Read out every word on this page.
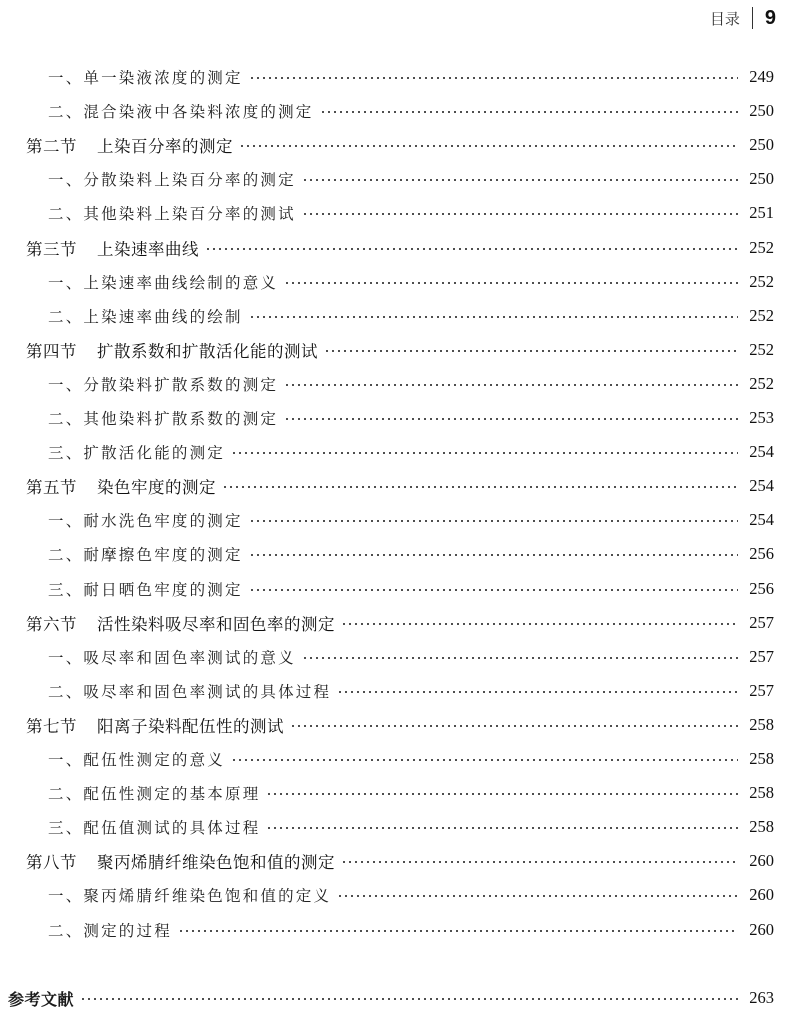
目录	9
一、单一染液浓度的测定	249
二、混合染液中各染料浓度的测定	250
第二节 上染百分率的测定	250
一、分散染料上染百分率的测定	250
二、其他染料上染百分率的测试	251
第三节 上染速率曲线	252
一、上染速率曲线绘制的意义	252
二、上染速率曲线的绘制	252
第四节 扩散系数和扩散活化能的测试	252
一、分散染料扩散系数的测定	252
二、其他染料扩散系数的测定	253
三、扩散活化能的测定	254
第五节 染色牢度的测定	254
一、耐水洗色牢度的测定	254
二、耐摩擦色牢度的测定	256
三、耐日晒色牢度的测定	256
第六节 活性染料吸尽率和固色率的测定	257
一、吸尽率和固色率测试的意义	257
二、吸尽率和固色率测试的具体过程	257
第七节 阳离子染料配伍性的测试	258
一、配伍性测定的意义	258
二、配伍性测定的基本原理	258
三、配伍值测试的具体过程	258
第八节 聚丙烯腈纤维染色饱和值的测定	260
一、聚丙烯腈纤维染色饱和值的定义	260
二、测定的过程	260
参考文献	263
